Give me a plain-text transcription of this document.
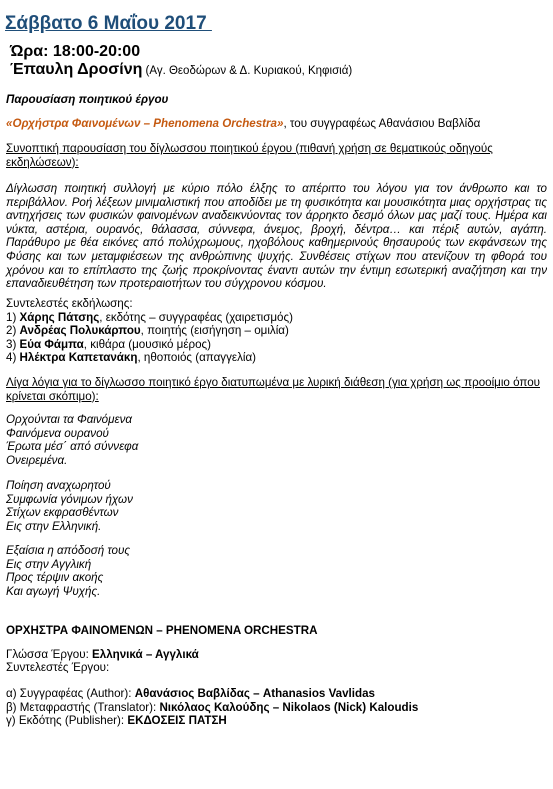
Σάββατο 6 Μαΐου 2017
Ώρα: 18:00-20:00
Έπαυλη Δροσίνη (Αγ. Θεοδώρων & Δ. Κυριακού, Κηφισιά)
Παρουσίαση ποιητικού έργου
«Ορχήστρα Φαινομένων – Phenomena Orchestra», του συγγραφέως Αθανάσιου Βαβλίδα
Συνοπτική παρουσίαση του δίγλωσσου ποιητικού έργου (πιθανή χρήση σε θεματικούς οδηγούς εκδηλώσεων):
Δίγλωσση ποιητική συλλογή με κύριο πόλο έλξης το απέριττο του λόγου για τον άνθρωπο και το περιβάλλον. Ροή λέξεων μινιμαλιστική που αποδίδει με τη φυσικότητα και μουσικότητα μιας ορχήστρας τις αντηχήσεις των φυσικών φαινομένων αναδεικνύοντας τον άρρηκτο δεσμό όλων μας μαζί τους. Ημέρα και νύκτα, αστέρια, ουρανός, θάλασσα, σύννεφα, άνεμος, βροχή, δέντρα… και πέριξ αυτών, αγάπη. Παράθυρο με θέα εικόνες από πολύχρωμους, ηχοβόλους καθημερινούς θησαυρούς των εκφάνσεων της Φύσης και των μεταμφιέσεων της ανθρώπινης ψυχής. Συνθέσεις στίχων που ατενίζουν τη φθορά του χρόνου και το επίπλαστο της ζωής προκρίνοντας έναντι αυτών την έντιμη εσωτερική αναζήτηση και την επαναδιευθέτηση των προτεραιοτήτων του σύγχρονου κόσμου.
Συντελεστές εκδήλωσης:
1) Χάρης Πάτσης, εκδότης – συγγραφέας (χαιρετισμός)
2) Ανδρέας Πολυκάρπου, ποιητής (εισήγηση – ομιλία)
3) Εύα Φάμπα, κιθάρα (μουσικό μέρος)
4) Ηλέκτρα Καπετανάκη, ηθοποιός (απαγγελία)
Λίγα λόγια για το δίγλωσσο ποιητικό έργο διατυπωμένα με λυρική διάθεση (για χρήση ως προοίμιο όπου κρίνεται σκόπιμο):
Ορχούνται τα Φαινόμενα
Φαινόμενα ουρανού
Έρωτα μέσ΄ από σύννεφα
Ονειρεμένα.
Ποίηση αναχωρητού
Συμφωνία γόνιμων ήχων
Στίχων εκφρασθέντων
Εις στην Ελληνική.
Εξαίσια η απόδοσή τους
Εις στην Αγγλική
Προς τέρψιν ακοής
Και αγωγή Ψυχής.
ΟΡΧΗΣΤΡΑ ΦΑΙΝΟΜΕΝΩΝ – PHENOMENA ORCHESTRA
Γλώσσα Έργου: Ελληνικά – Αγγλικά
Συντελεστές Έργου:
α) Συγγραφέας (Author): Αθανάσιος Βαβλίδας – Athanasios Vavlidas
β) Μεταφραστής (Translator): Νικόλαος Καλούδης – Nikolaos (Nick) Kaloudis
γ) Εκδότης (Publisher): ΕΚΔΟΣΕΙΣ ΠΑΤΣΗ
